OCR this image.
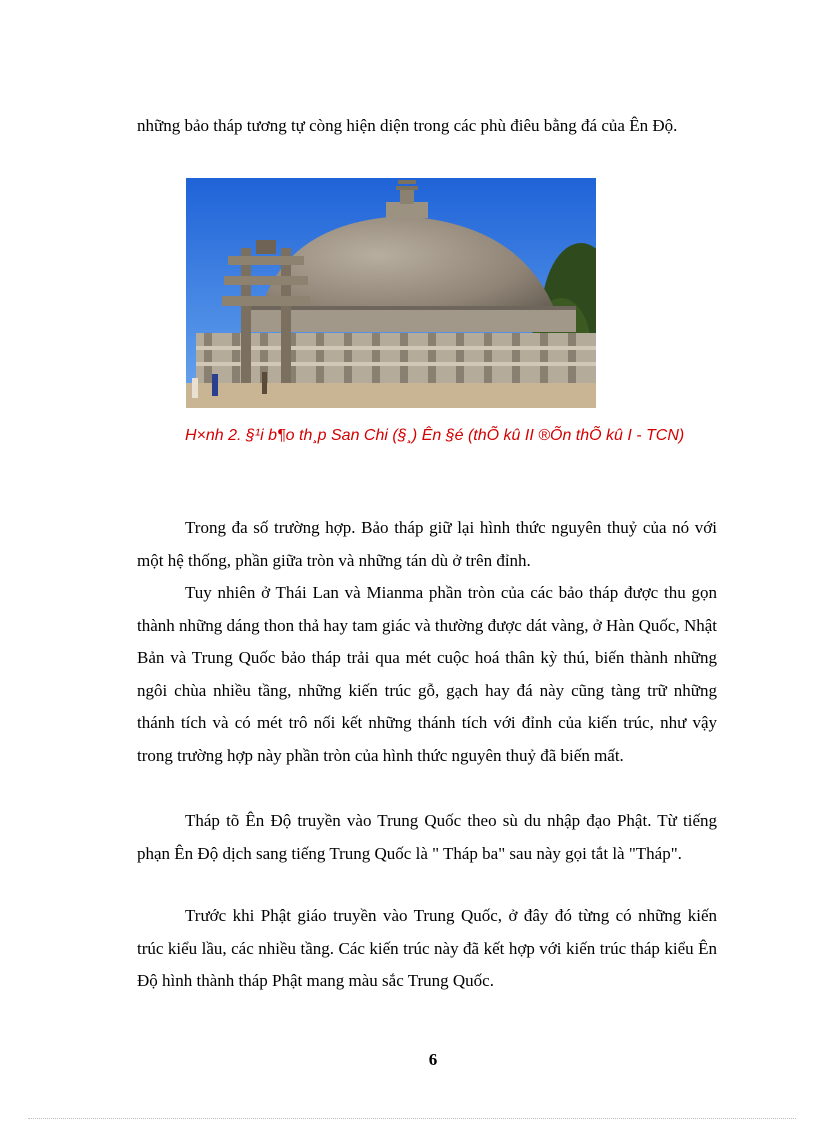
những bảo tháp tương tự còng hiện diện trong các phù điêu bằng đá của Ên Độ.

H×nh 2. §¹i b¶o th¸p San Chi (§¸) Ên §é (thÕ kû II ®Õn thÕ kû I - TCN)

Trong đa số trường hợp. Bảo tháp giữ lại hình thức nguyên thuỷ của nó với một hệ thống, phần giữa tròn và những tán dù ở trên đỉnh.

Tuy nhiên ở Thái Lan và Mianma phần tròn của các bảo tháp được thu gọn thành những dáng thon thả hay tam giác và thường được dát vàng, ở Hàn Quốc, Nhật Bản và Trung Quốc bảo tháp trải qua mét cuộc hoá thân kỳ thú, biến thành những ngôi chùa nhiều tầng, những kiến trúc gỗ, gạch hay đá này cũng tàng trữ những thánh tích và có mét trô nối kết những thánh tích với đỉnh của kiến trúc, như vậy trong trường hợp này phần tròn của hình thức nguyên thuỷ đã biến mất.

Tháp tõ Ên Độ truyền vào Trung Quốc theo sù du nhập đạo Phật. Từ tiếng phạn Ên Độ dịch sang tiếng Trung Quốc là " Tháp ba" sau này gọi tắt là "Tháp".

Trước khi Phật giáo truyền vào Trung Quốc, ở đây đó từng có những kiến trúc kiểu lầu, các nhiều tầng. Các kiến trúc này đã kết hợp với kiến trúc tháp kiểu Ên Độ hình thành tháp Phật mang màu sắc Trung Quốc.

6
